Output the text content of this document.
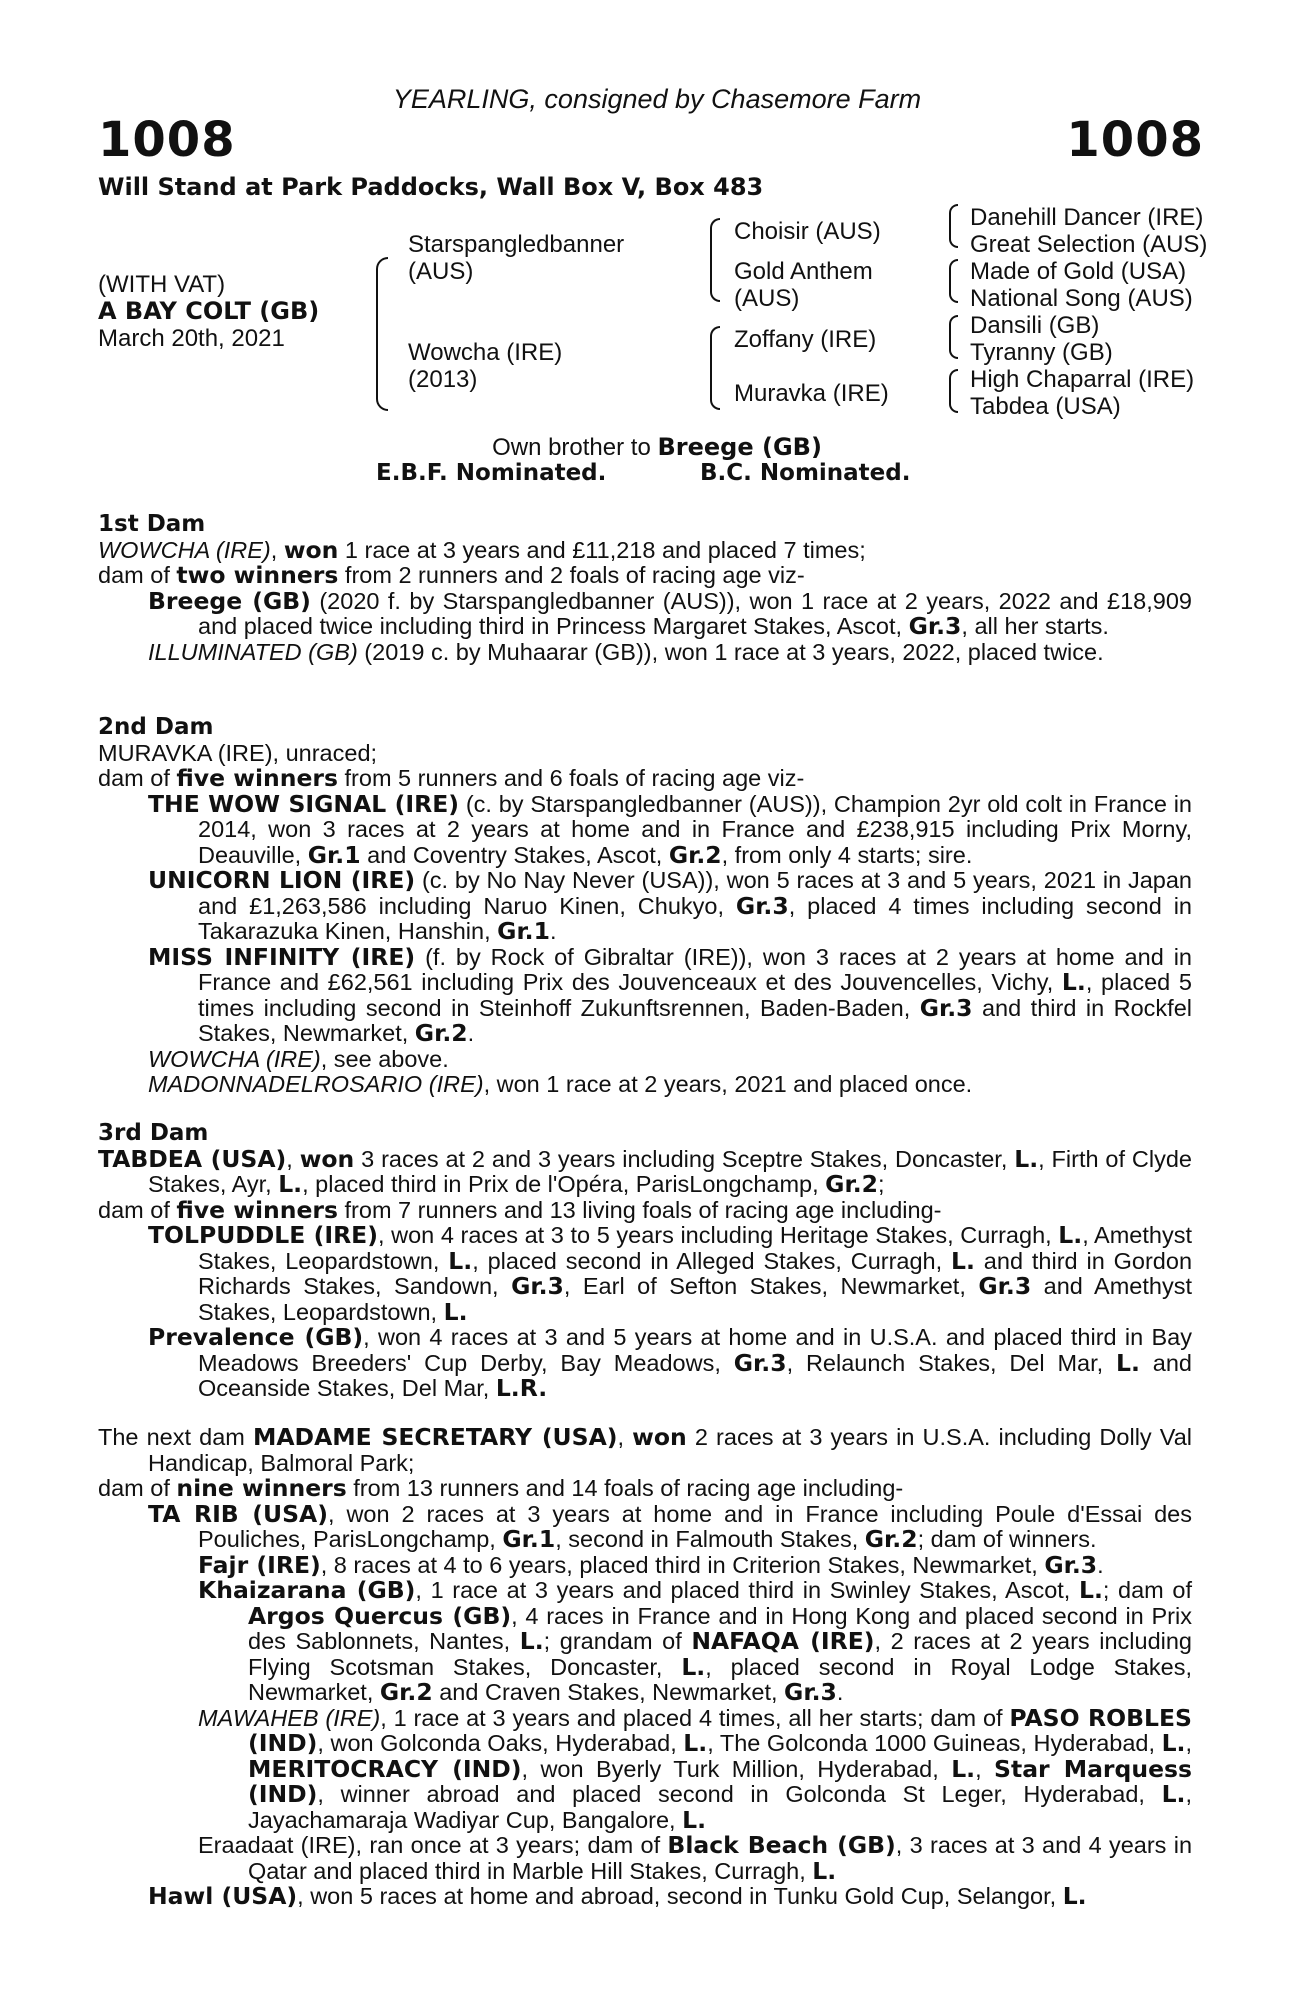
YEARLING, consigned by Chasemore Farm
1008	1008
Will Stand at Park Paddocks, Wall Box V, Box 483
(WITH VAT)
A BAY COLT (GB)
March 20th, 2021
Starspangledbanner
(AUS)
Wowcha (IRE)
(2013)
Choisir (AUS)
Gold Anthem
(AUS)
Zoffany (IRE)
Muravka (IRE)
Danehill Dancer (IRE)
Great Selection (AUS)
Made of Gold (USA)
National Song (AUS)
Dansili (GB)
Tyranny (GB)
High Chaparral (IRE)
Tabdea (USA)
Own brother to Breege (GB)
E.B.F. Nominated.	B.C. Nominated.
1st Dam
WOWCHA (IRE), won 1 race at 3 years and £11,218 and placed 7 times;
dam of two winners from 2 runners and 2 foals of racing age viz-
Breege (GB) (2020 f. by Starspangledbanner (AUS)), won 1 race at 2 years, 2022 and £18,909 and placed twice including third in Princess Margaret Stakes, Ascot, Gr.3, all her starts.
ILLUMINATED (GB) (2019 c. by Muhaarar (GB)), won 1 race at 3 years, 2022, placed twice.
2nd Dam
MURAVKA (IRE), unraced;
dam of five winners from 5 runners and 6 foals of racing age viz-
THE WOW SIGNAL (IRE) (c. by Starspangledbanner (AUS)), Champion 2yr old colt in France in 2014, won 3 races at 2 years at home and in France and £238,915 including Prix Morny, Deauville, Gr.1 and Coventry Stakes, Ascot, Gr.2, from only 4 starts; sire.
UNICORN LION (IRE) (c. by No Nay Never (USA)), won 5 races at 3 and 5 years, 2021 in Japan and £1,263,586 including Naruo Kinen, Chukyo, Gr.3, placed 4 times including second in Takarazuka Kinen, Hanshin, Gr.1.
MISS INFINITY (IRE) (f. by Rock of Gibraltar (IRE)), won 3 races at 2 years at home and in France and £62,561 including Prix des Jouvenceaux et des Jouvencelles, Vichy, L., placed 5 times including second in Steinhoff Zukunftsrennen, Baden-Baden, Gr.3 and third in Rockfel Stakes, Newmarket, Gr.2.
WOWCHA (IRE), see above.
MADONNADELROSARIO (IRE), won 1 race at 2 years, 2021 and placed once.
3rd Dam
TABDEA (USA), won 3 races at 2 and 3 years including Sceptre Stakes, Doncaster, L., Firth of Clyde Stakes, Ayr, L., placed third in Prix de l'Opéra, ParisLongchamp, Gr.2;
dam of five winners from 7 runners and 13 living foals of racing age including-
TOLPUDDLE (IRE), won 4 races at 3 to 5 years including Heritage Stakes, Curragh, L., Amethyst Stakes, Leopardstown, L., placed second in Alleged Stakes, Curragh, L. and third in Gordon Richards Stakes, Sandown, Gr.3, Earl of Sefton Stakes, Newmarket, Gr.3 and Amethyst Stakes, Leopardstown, L.
Prevalence (GB), won 4 races at 3 and 5 years at home and in U.S.A. and placed third in Bay Meadows Breeders' Cup Derby, Bay Meadows, Gr.3, Relaunch Stakes, Del Mar, L. and Oceanside Stakes, Del Mar, L.R.
The next dam MADAME SECRETARY (USA), won 2 races at 3 years in U.S.A. including Dolly Val Handicap, Balmoral Park;
dam of nine winners from 13 runners and 14 foals of racing age including-
TA RIB (USA), won 2 races at 3 years at home and in France including Poule d'Essai des Pouliches, ParisLongchamp, Gr.1, second in Falmouth Stakes, Gr.2; dam of winners.
Fajr (IRE), 8 races at 4 to 6 years, placed third in Criterion Stakes, Newmarket, Gr.3.
Khaizarana (GB), 1 race at 3 years and placed third in Swinley Stakes, Ascot, L.; dam of Argos Quercus (GB), 4 races in France and in Hong Kong and placed second in Prix des Sablonnets, Nantes, L.; grandam of NAFAQA (IRE), 2 races at 2 years including Flying Scotsman Stakes, Doncaster, L., placed second in Royal Lodge Stakes, Newmarket, Gr.2 and Craven Stakes, Newmarket, Gr.3.
MAWAHEB (IRE), 1 race at 3 years and placed 4 times, all her starts; dam of PASO ROBLES (IND), won Golconda Oaks, Hyderabad, L., The Golconda 1000 Guineas, Hyderabad, L., MERITOCRACY (IND), won Byerly Turk Million, Hyderabad, L., Star Marquess (IND), winner abroad and placed second in Golconda St Leger, Hyderabad, L., Jayachamaraja Wadiyar Cup, Bangalore, L.
Eraadaat (IRE), ran once at 3 years; dam of Black Beach (GB), 3 races at 3 and 4 years in Qatar and placed third in Marble Hill Stakes, Curragh, L.
Hawl (USA), won 5 races at home and abroad, second in Tunku Gold Cup, Selangor, L.
